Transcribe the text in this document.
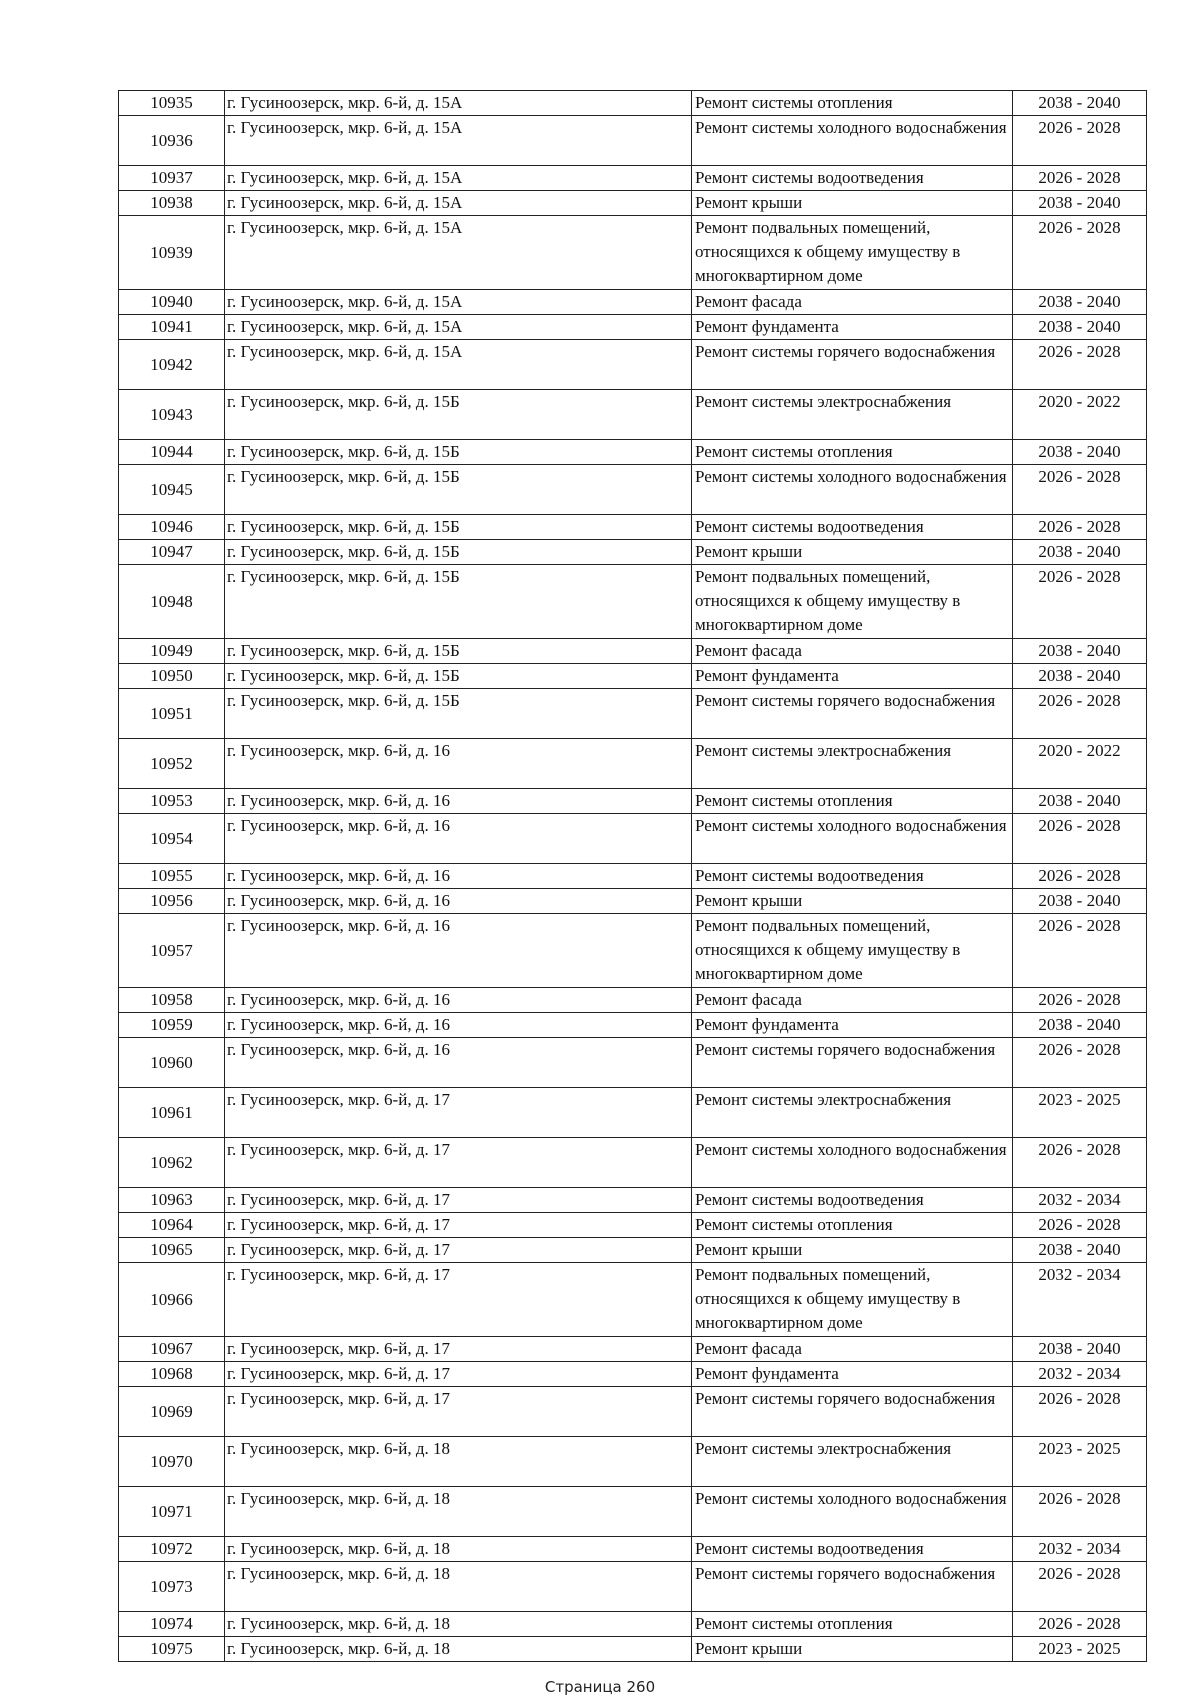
10935	г. Гусиноозерск, мкр. 6-й, д. 15А	Ремонт системы отопления	2038 - 2040
10936	г. Гусиноозерск, мкр. 6-й, д. 15А	Ремонт системы холодного водоснабжения	2026 - 2028
10937	г. Гусиноозерск, мкр. 6-й, д. 15А	Ремонт системы водоотведения	2026 - 2028
10938	г. Гусиноозерск, мкр. 6-й, д. 15А	Ремонт крыши	2038 - 2040
10939	г. Гусиноозерск, мкр. 6-й, д. 15А	Ремонт подвальных помещений, относящихся к общему имуществу в многоквартирном доме	2026 - 2028
10940	г. Гусиноозерск, мкр. 6-й, д. 15А	Ремонт фасада	2038 - 2040
10941	г. Гусиноозерск, мкр. 6-й, д. 15А	Ремонт фундамента	2038 - 2040
10942	г. Гусиноозерск, мкр. 6-й, д. 15А	Ремонт системы горячего водоснабжения	2026 - 2028
10943	г. Гусиноозерск, мкр. 6-й, д. 15Б	Ремонт системы электроснабжения	2020 - 2022
10944	г. Гусиноозерск, мкр. 6-й, д. 15Б	Ремонт системы отопления	2038 - 2040
10945	г. Гусиноозерск, мкр. 6-й, д. 15Б	Ремонт системы холодного водоснабжения	2026 - 2028
10946	г. Гусиноозерск, мкр. 6-й, д. 15Б	Ремонт системы водоотведения	2026 - 2028
10947	г. Гусиноозерск, мкр. 6-й, д. 15Б	Ремонт крыши	2038 - 2040
10948	г. Гусиноозерск, мкр. 6-й, д. 15Б	Ремонт подвальных помещений, относящихся к общему имуществу в многоквартирном доме	2026 - 2028
10949	г. Гусиноозерск, мкр. 6-й, д. 15Б	Ремонт фасада	2038 - 2040
10950	г. Гусиноозерск, мкр. 6-й, д. 15Б	Ремонт фундамента	2038 - 2040
10951	г. Гусиноозерск, мкр. 6-й, д. 15Б	Ремонт системы горячего водоснабжения	2026 - 2028
10952	г. Гусиноозерск, мкр. 6-й, д. 16	Ремонт системы электроснабжения	2020 - 2022
10953	г. Гусиноозерск, мкр. 6-й, д. 16	Ремонт системы отопления	2038 - 2040
10954	г. Гусиноозерск, мкр. 6-й, д. 16	Ремонт системы холодного водоснабжения	2026 - 2028
10955	г. Гусиноозерск, мкр. 6-й, д. 16	Ремонт системы водоотведения	2026 - 2028
10956	г. Гусиноозерск, мкр. 6-й, д. 16	Ремонт крыши	2038 - 2040
10957	г. Гусиноозерск, мкр. 6-й, д. 16	Ремонт подвальных помещений, относящихся к общему имуществу в многоквартирном доме	2026 - 2028
10958	г. Гусиноозерск, мкр. 6-й, д. 16	Ремонт фасада	2026 - 2028
10959	г. Гусиноозерск, мкр. 6-й, д. 16	Ремонт фундамента	2038 - 2040
10960	г. Гусиноозерск, мкр. 6-й, д. 16	Ремонт системы горячего водоснабжения	2026 - 2028
10961	г. Гусиноозерск, мкр. 6-й, д. 17	Ремонт системы электроснабжения	2023 - 2025
10962	г. Гусиноозерск, мкр. 6-й, д. 17	Ремонт системы холодного водоснабжения	2026 - 2028
10963	г. Гусиноозерск, мкр. 6-й, д. 17	Ремонт системы водоотведения	2032 - 2034
10964	г. Гусиноозерск, мкр. 6-й, д. 17	Ремонт системы отопления	2026 - 2028
10965	г. Гусиноозерск, мкр. 6-й, д. 17	Ремонт крыши	2038 - 2040
10966	г. Гусиноозерск, мкр. 6-й, д. 17	Ремонт подвальных помещений, относящихся к общему имуществу в многоквартирном доме	2032 - 2034
10967	г. Гусиноозерск, мкр. 6-й, д. 17	Ремонт фасада	2038 - 2040
10968	г. Гусиноозерск, мкр. 6-й, д. 17	Ремонт фундамента	2032 - 2034
10969	г. Гусиноозерск, мкр. 6-й, д. 17	Ремонт системы горячего водоснабжения	2026 - 2028
10970	г. Гусиноозерск, мкр. 6-й, д. 18	Ремонт системы электроснабжения	2023 - 2025
10971	г. Гусиноозерск, мкр. 6-й, д. 18	Ремонт системы холодного водоснабжения	2026 - 2028
10972	г. Гусиноозерск, мкр. 6-й, д. 18	Ремонт системы водоотведения	2032 - 2034
10973	г. Гусиноозерск, мкр. 6-й, д. 18	Ремонт системы горячего водоснабжения	2026 - 2028
10974	г. Гусиноозерск, мкр. 6-й, д. 18	Ремонт системы отопления	2026 - 2028
10975	г. Гусиноозерск, мкр. 6-й, д. 18	Ремонт крыши	2023 - 2025
Страница 260
